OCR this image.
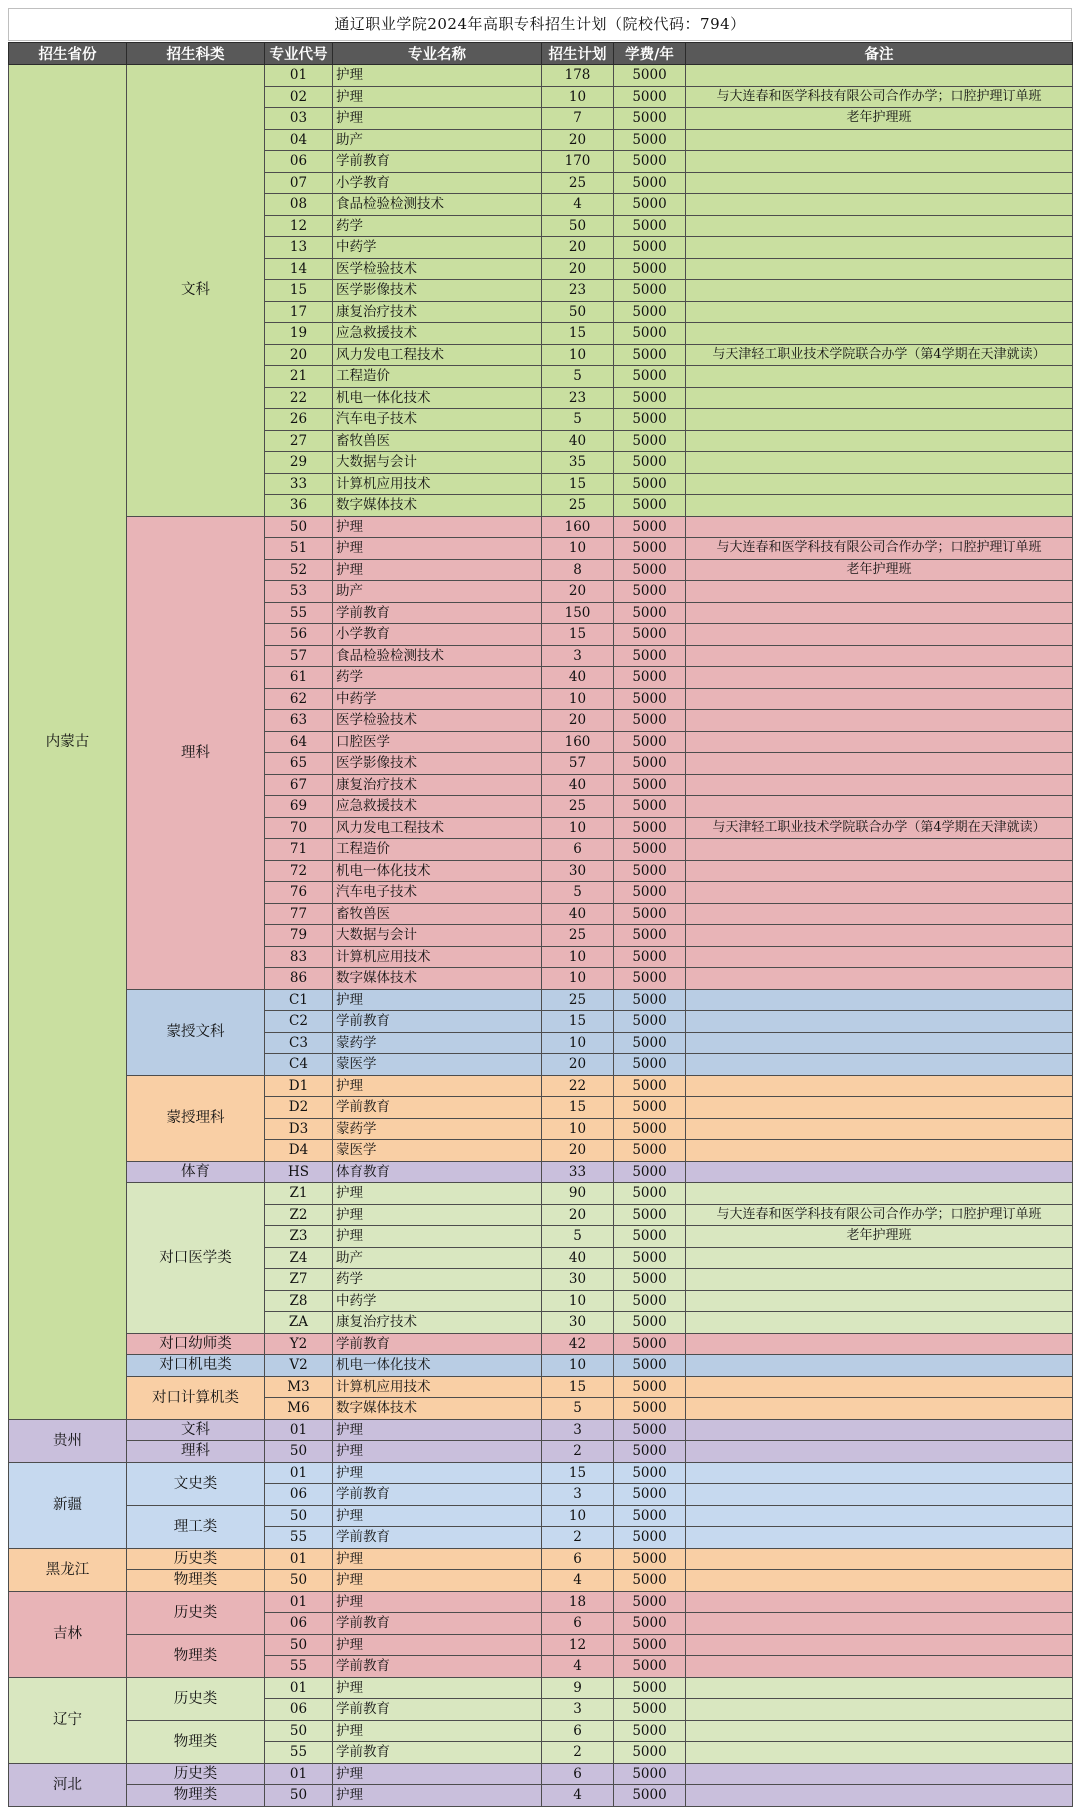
通辽职业学院2024年高职专科招生计划（院校代码：794）
招生省份	招生科类	专业代号	专业名称	招生计划	学费/年	备注
内蒙古	文科	01	护理	178	5000	
		02	护理	10	5000	与大连春和医学科技有限公司合作办学；口腔护理订单班
		03	护理	7	5000	老年护理班
		04	助产	20	5000	
		06	学前教育	170	5000	
		07	小学教育	25	5000	
		08	食品检验检测技术	4	5000	
		12	药学	50	5000	
		13	中药学	20	5000	
		14	医学检验技术	20	5000	
		15	医学影像技术	23	5000	
		17	康复治疗技术	50	5000	
		19	应急救援技术	15	5000	
		20	风力发电工程技术	10	5000	与天津轻工职业技术学院联合办学（第4学期在天津就读）
		21	工程造价	5	5000	
		22	机电一体化技术	23	5000	
		26	汽车电子技术	5	5000	
		27	畜牧兽医	40	5000	
		29	大数据与会计	35	5000	
		33	计算机应用技术	15	5000	
		36	数字媒体技术	25	5000	
	理科	50	护理	160	5000	
		51	护理	10	5000	与大连春和医学科技有限公司合作办学；口腔护理订单班
		52	护理	8	5000	老年护理班
		53	助产	20	5000	
		55	学前教育	150	5000	
		56	小学教育	15	5000	
		57	食品检验检测技术	3	5000	
		61	药学	40	5000	
		62	中药学	10	5000	
		63	医学检验技术	20	5000	
		64	口腔医学	160	5000	
		65	医学影像技术	57	5000	
		67	康复治疗技术	40	5000	
		69	应急救援技术	25	5000	
		70	风力发电工程技术	10	5000	与天津轻工职业技术学院联合办学（第4学期在天津就读）
		71	工程造价	6	5000	
		72	机电一体化技术	30	5000	
		76	汽车电子技术	5	5000	
		77	畜牧兽医	40	5000	
		79	大数据与会计	25	5000	
		83	计算机应用技术	10	5000	
		86	数字媒体技术	10	5000	
	蒙授文科	C1	护理	25	5000	
		C2	学前教育	15	5000	
		C3	蒙药学	10	5000	
		C4	蒙医学	20	5000	
	蒙授理科	D1	护理	22	5000	
		D2	学前教育	15	5000	
		D3	蒙药学	10	5000	
		D4	蒙医学	20	5000	
	体育	HS	体育教育	33	5000	
	对口医学类	Z1	护理	90	5000	
		Z2	护理	20	5000	与大连春和医学科技有限公司合作办学；口腔护理订单班
		Z3	护理	5	5000	老年护理班
		Z4	助产	40	5000	
		Z7	药学	30	5000	
		Z8	中药学	10	5000	
		ZA	康复治疗技术	30	5000	
	对口幼师类	Y2	学前教育	42	5000	
	对口机电类	V2	机电一体化技术	10	5000	
	对口计算机类	M3	计算机应用技术	15	5000	
		M6	数字媒体技术	5	5000	
贵州	文科	01	护理	3	5000	
	理科	50	护理	2	5000	
新疆	文史类	01	护理	15	5000	
		06	学前教育	3	5000	
	理工类	50	护理	10	5000	
		55	学前教育	2	5000	
黑龙江	历史类	01	护理	6	5000	
	物理类	50	护理	4	5000	
吉林	历史类	01	护理	18	5000	
		06	学前教育	6	5000	
	物理类	50	护理	12	5000	
		55	学前教育	4	5000	
辽宁	历史类	01	护理	9	5000	
		06	学前教育	3	5000	
	物理类	50	护理	6	5000	
		55	学前教育	2	5000	
河北	历史类	01	护理	6	5000	
	物理类	50	护理	4	5000	
